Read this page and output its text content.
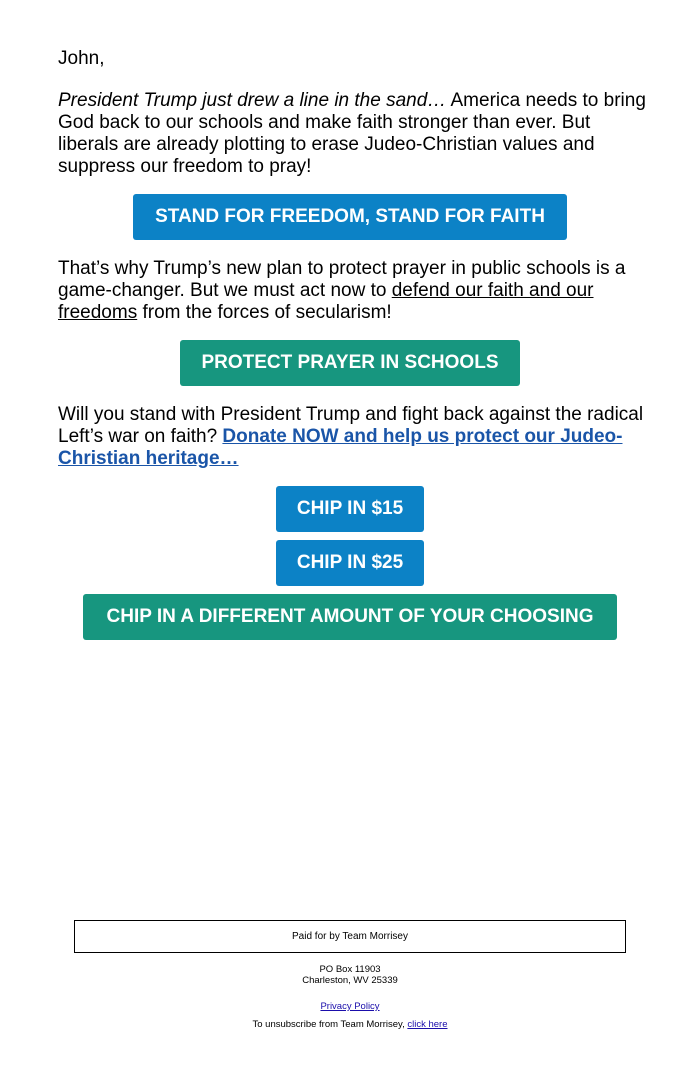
John,

President Trump just drew a line in the sand… America needs to bring God back to our schools and make faith stronger than ever. But liberals are already plotting to erase Judeo-Christian values and suppress our freedom to pray!

STAND FOR FREEDOM, STAND FOR FAITH

That’s why Trump’s new plan to protect prayer in public schools is a game-changer. But we must act now to defend our faith and our freedoms from the forces of secularism!

PROTECT PRAYER IN SCHOOLS

Will you stand with President Trump and fight back against the radical Left’s war on faith? Donate NOW and help us protect our Judeo-Christian heritage…

CHIP IN $15
CHIP IN $25
CHIP IN A DIFFERENT AMOUNT OF YOUR CHOOSING
Paid for by Team Morrisey
PO Box 11903
Charleston, WV 25339
Privacy Policy
To unsubscribe from Team Morrisey, click here
